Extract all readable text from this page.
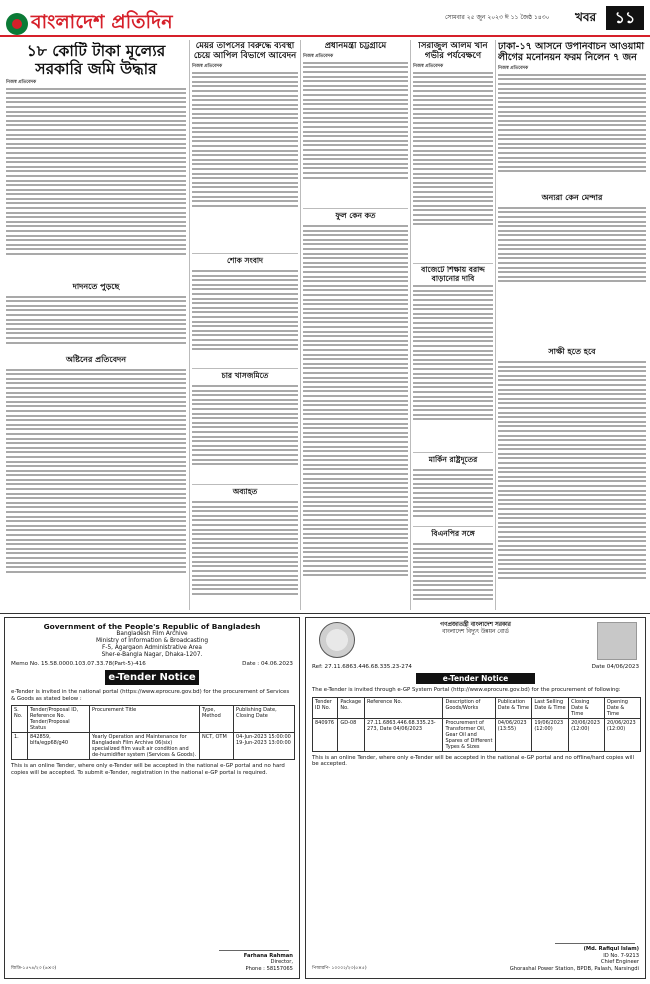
বাংলাদেশ প্রতিদিন	সোমবার ২৫ জুন ২০২৩ ঈ ১১ জৈষ্ঠ ১৪৩০ খবর	১১
১৮ কোটি টাকা মূল্যের সরকারি জমি উদ্ধার
নিজস্ব প্রতিবেদক
দাদনতে পুড়ছে
অষ্টিনের প্রতিবেদন
মেয়র তাপসের বিরুদ্ধে ব্যবস্থা চেয়ে আপিল বিভাগে আবেদন
নিজস্ব প্রতিবেদক
শোক সংবাদ
চার খাসজমিতে
অব্যাহত
প্রধানমন্ত্রী চট্টগ্রামে
নিজস্ব প্রতিবেদক
ফুল কেন কত
সিরাজুল আলম খান গভীর পর্যবেক্ষণে
নিজস্ব প্রতিবেদক
বাজেটে শিক্ষায় বরাদ্দ বাড়ানোর দাবি
মার্কিন রাষ্ট্রদূতের
বিএনপির সঙ্গে
ঢাকা-১৭ আসনে উপনির্বাচন আওয়ামী লীগের মনোনয়ন ফরম নিলেন ৭ জন
নিজস্ব প্রতিবেদক
অন্যরা কেন মেন্দার
সাক্ষী হতে হবে
Government of the People's Republic of Bangladesh
Bangladesh Film Archive
Ministry of Information & Broadcasting
F-5, Agargaon Administrative Area
Sher-e-Bangla Nagar, Dhaka-1207.
Memo No. 15.58.0000.103.07.33.78(Part-5)-416	Date : 04.06.2023
e-Tender Notice
e-Tender is invited in the national portal (https://www.eprocure.gov.bd) for the procurement of Services & Goods as stated below :
S. No.	Tender/Proposal ID, Reference No. Tender/Proposal Status	Procurement Title	Type, Method	Publishing Date, Closing Date
1.	842859, blfa/egp68/g40	Yearly Operation and Maintenance for Bangladesh Film Archive 06(six) specialized film vault air condition and de-humidifier system (Services & Goods).	NCT, OTM	04-Jun-2023 15:00:00 19-Jun-2023 13:00:00
This is an online Tender, where only e-Tender will be accepted in the national e-GP portal and no hard copies will be accepted. To submit e-Tender, registration in the national e-GP portal is required.
জিডি-১৫৭৪/২৩ (৬×৩)
Farhana Rahman
Director,
Phone : 58157065
গণপ্রজাতন্ত্রী বাংলাদেশ সরকার
বাংলাদেশ বিদ্যুৎ উন্নয়ন বোর্ড
Ref: 27.11.6863.446.68.335.23-274	Date 04/06/2023
e-Tender Notice
The e-Tender is invited through e-GP System Portal (http://www.eprocure.gov.bd) for the procurement of following:
Tender ID No.	Package No.	Reference No.	Description of Goods/Works	Publication Date & Time	Last Selling Date & Time	Closing Date & Time	Opening Date & Time
840976	GD-08	27.11.6863.446.68.335.23-273, Date 04/06/2023	Procurement of Transformer Oil, Gear Oil and Spares of Different Types & Sizes	04/06/2023 (13:55)	19/06/2023 (12:00)	20/06/2023 (12:00)	20/06/2023 (12:00)
This is an online Tender, where only e-Tender will be accepted in the national e-GP portal and no offline/hard copies will be accepted.
পিআরপি- ১০০০২/২৩(৫×৫)
(Md. Rafiqul Islam)
ID No. 7-9213
Chief Engineer
Ghorashal Power Station, BPDB, Palash, Narsingdi
